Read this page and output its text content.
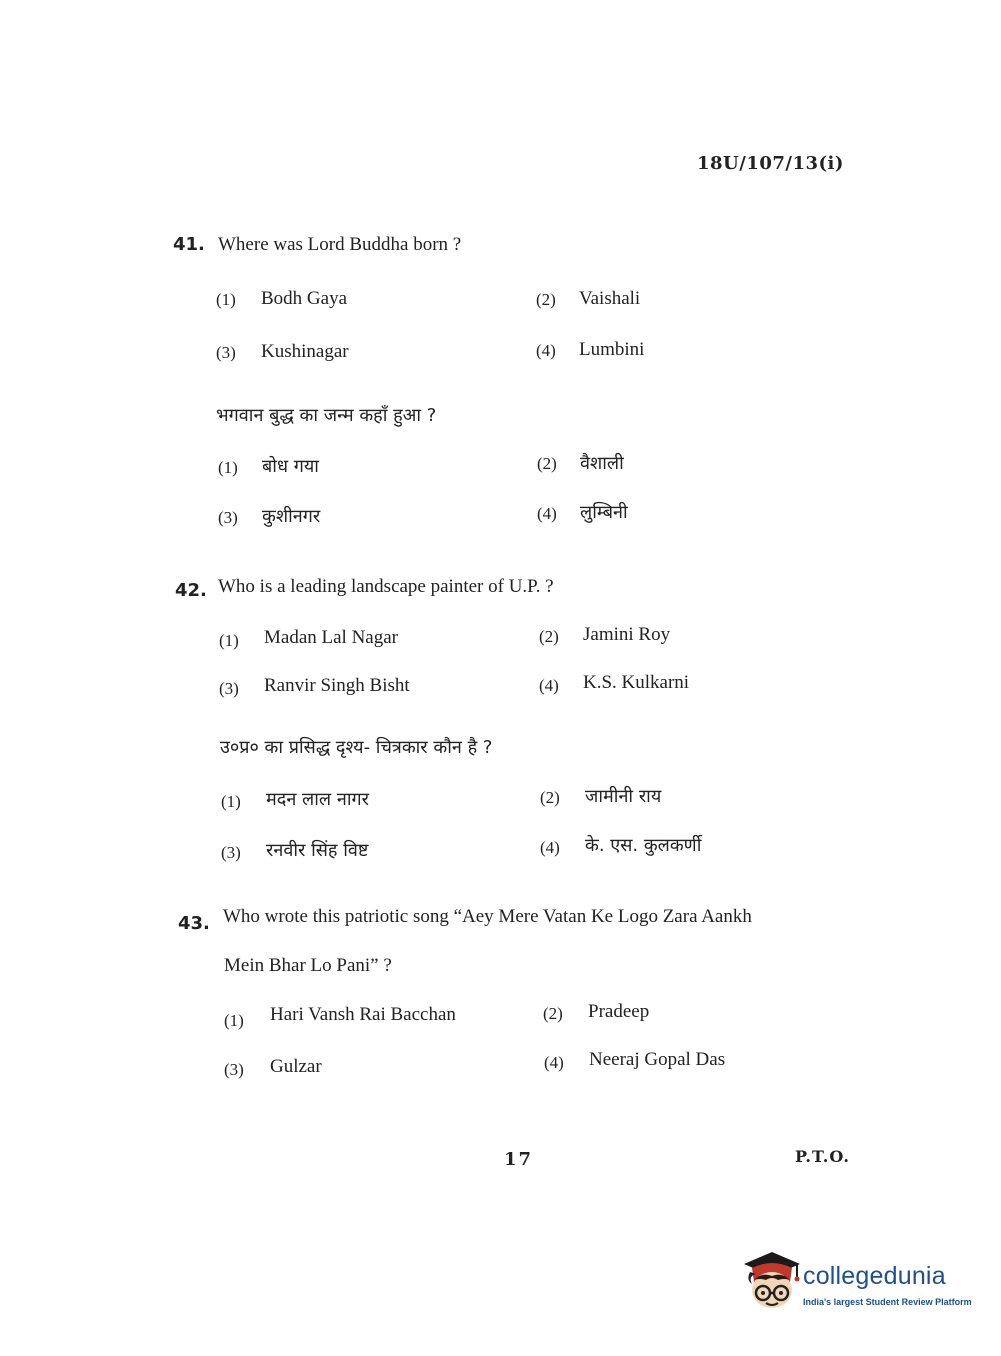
18U/107/13(i)
41. Where was Lord Buddha born ?
(1) Bodh Gaya	(2) Vaishali
(3) Kushinagar	(4) Lumbini
भगवान बुद्ध का जन्म कहाँ हुआ ?
(1) बोध गया	(2) वैशाली
(3) कुशीनगर	(4) लुम्बिनी
42. Who is a leading landscape painter of U.P. ?
(1) Madan Lal Nagar	(2) Jamini Roy
(3) Ranvir Singh Bisht	(4) K.S. Kulkarni
उ०प्र० का प्रसिद्ध दृश्य- चित्रकार कौन है ?
(1) मदन लाल नागर	(2) जामीनी राय
(3) रनवीर सिंह विष्ट	(4) के. एस. कुलकर्णी
43. Who wrote this patriotic song “Aey Mere Vatan Ke Logo Zara Aankh
Mein Bhar Lo Pani” ?
(1) Hari Vansh Rai Bacchan	(2) Pradeep
(3) Gulzar	(4) Neeraj Gopal Das
17	P.T.O.
collegedunia
India's largest Student Review Platform
